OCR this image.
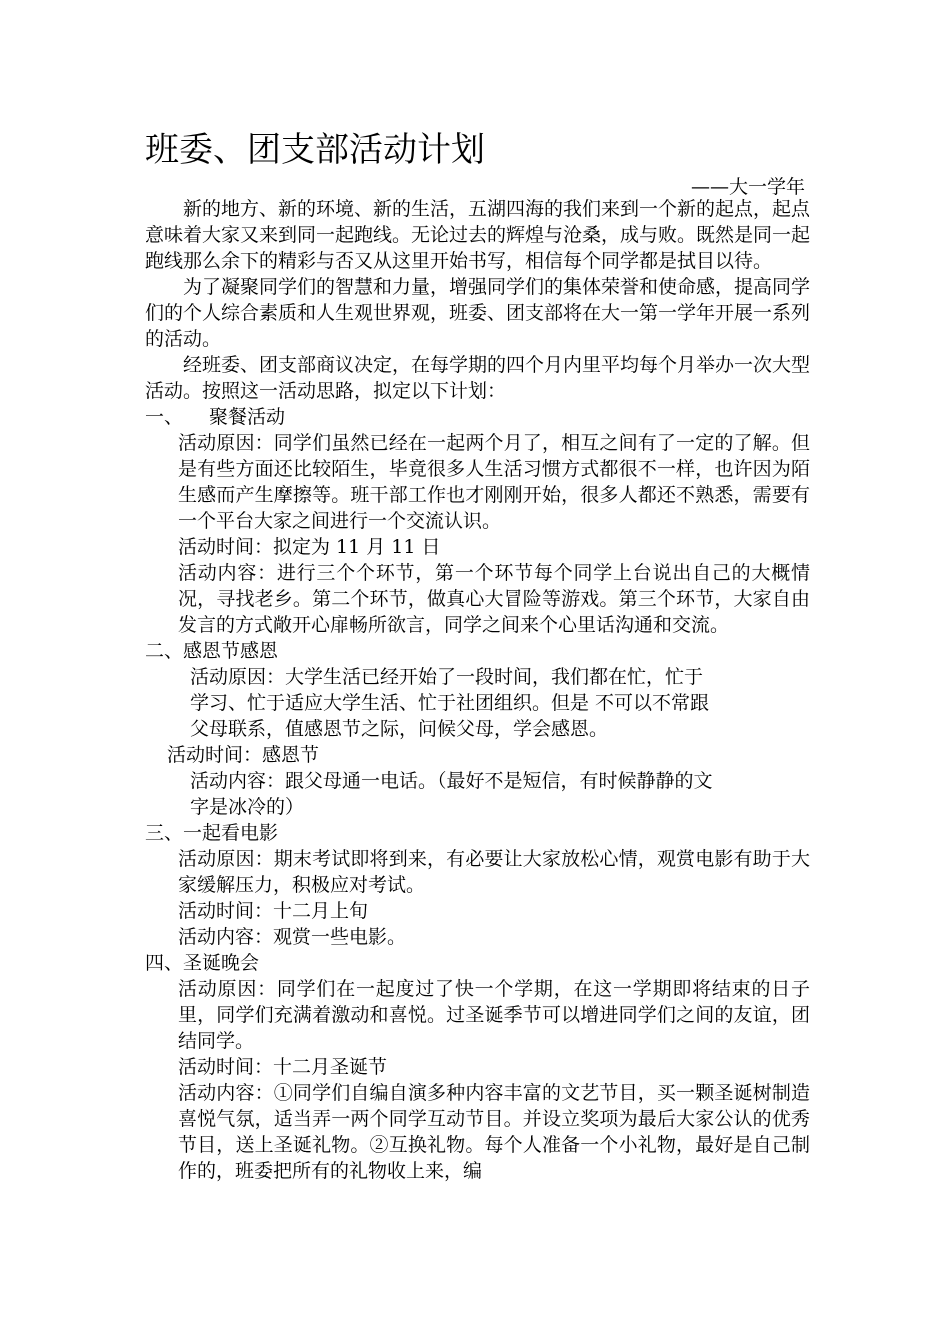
班委、团支部活动计划
——大一学年

新的地方、新的环境、新的生活，五湖四海的我们来到一个新的起点，起点意味着大家又来到同一起跑线。无论过去的辉煌与沧桑，成与败。既然是同一起跑线那么余下的精彩与否又从这里开始书写，相信每个同学都是拭目以待。

为了凝聚同学们的智慧和力量，增强同学们的集体荣誉和使命感，提高同学们的个人综合素质和人生观世界观，班委、团支部将在大一第一学年开展一系列的活动。

经班委、团支部商议决定，在每学期的四个月内里平均每个月举办一次大型活动。按照这一活动思路，拟定以下计划：

一、 聚餐活动

活动原因：同学们虽然已经在一起两个月了，相互之间有了一定的了解。但是有些方面还比较陌生，毕竟很多人生活习惯方式都很不一样，也许因为陌生感而产生摩擦等。班干部工作也才刚刚开始，很多人都还不熟悉，需要有一个平台大家之间进行一个交流认识。

活动时间：拟定为 11 月 11 日

活动内容：进行三个个环节，第一个环节每个同学上台说出自己的大概情况，寻找老乡。第二个环节，做真心大冒险等游戏。第三个环节，大家自由发言的方式敞开心扉畅所欲言，同学之间来个心里话沟通和交流。

二、感恩节感恩
活动原因：大学生活已经开始了一段时间，我们都在忙，忙于
学习、忙于适应大学生活、忙于社团组织。但是 不可以不常跟
父母联系，值感恩节之际，问候父母，学会感恩。
活动时间：感恩节
活动内容：跟父母通一电话。（最好不是短信，有时候静静的文
字是冰冷的）
三、一起看电影

活动原因：期末考试即将到来，有必要让大家放松心情，观赏电影有助于大家缓解压力，积极应对考试。

活动时间：十二月上旬

活动内容：观赏一些电影。

四、圣诞晚会

活动原因：同学们在一起度过了快一个学期，在这一学期即将结束的日子里，同学们充满着激动和喜悦。过圣诞季节可以增进同学们之间的友谊，团结同学。

活动时间：十二月圣诞节

活动内容：①同学们自编自演多种内容丰富的文艺节目，买一颗圣诞树制造喜悦气氛，适当弄一两个同学互动节目。并设立奖项为最后大家公认的优秀节目，送上圣诞礼物。②互换礼物。每个人准备一个小礼物，最好是自己制作的，班委把所有的礼物收上来，编
